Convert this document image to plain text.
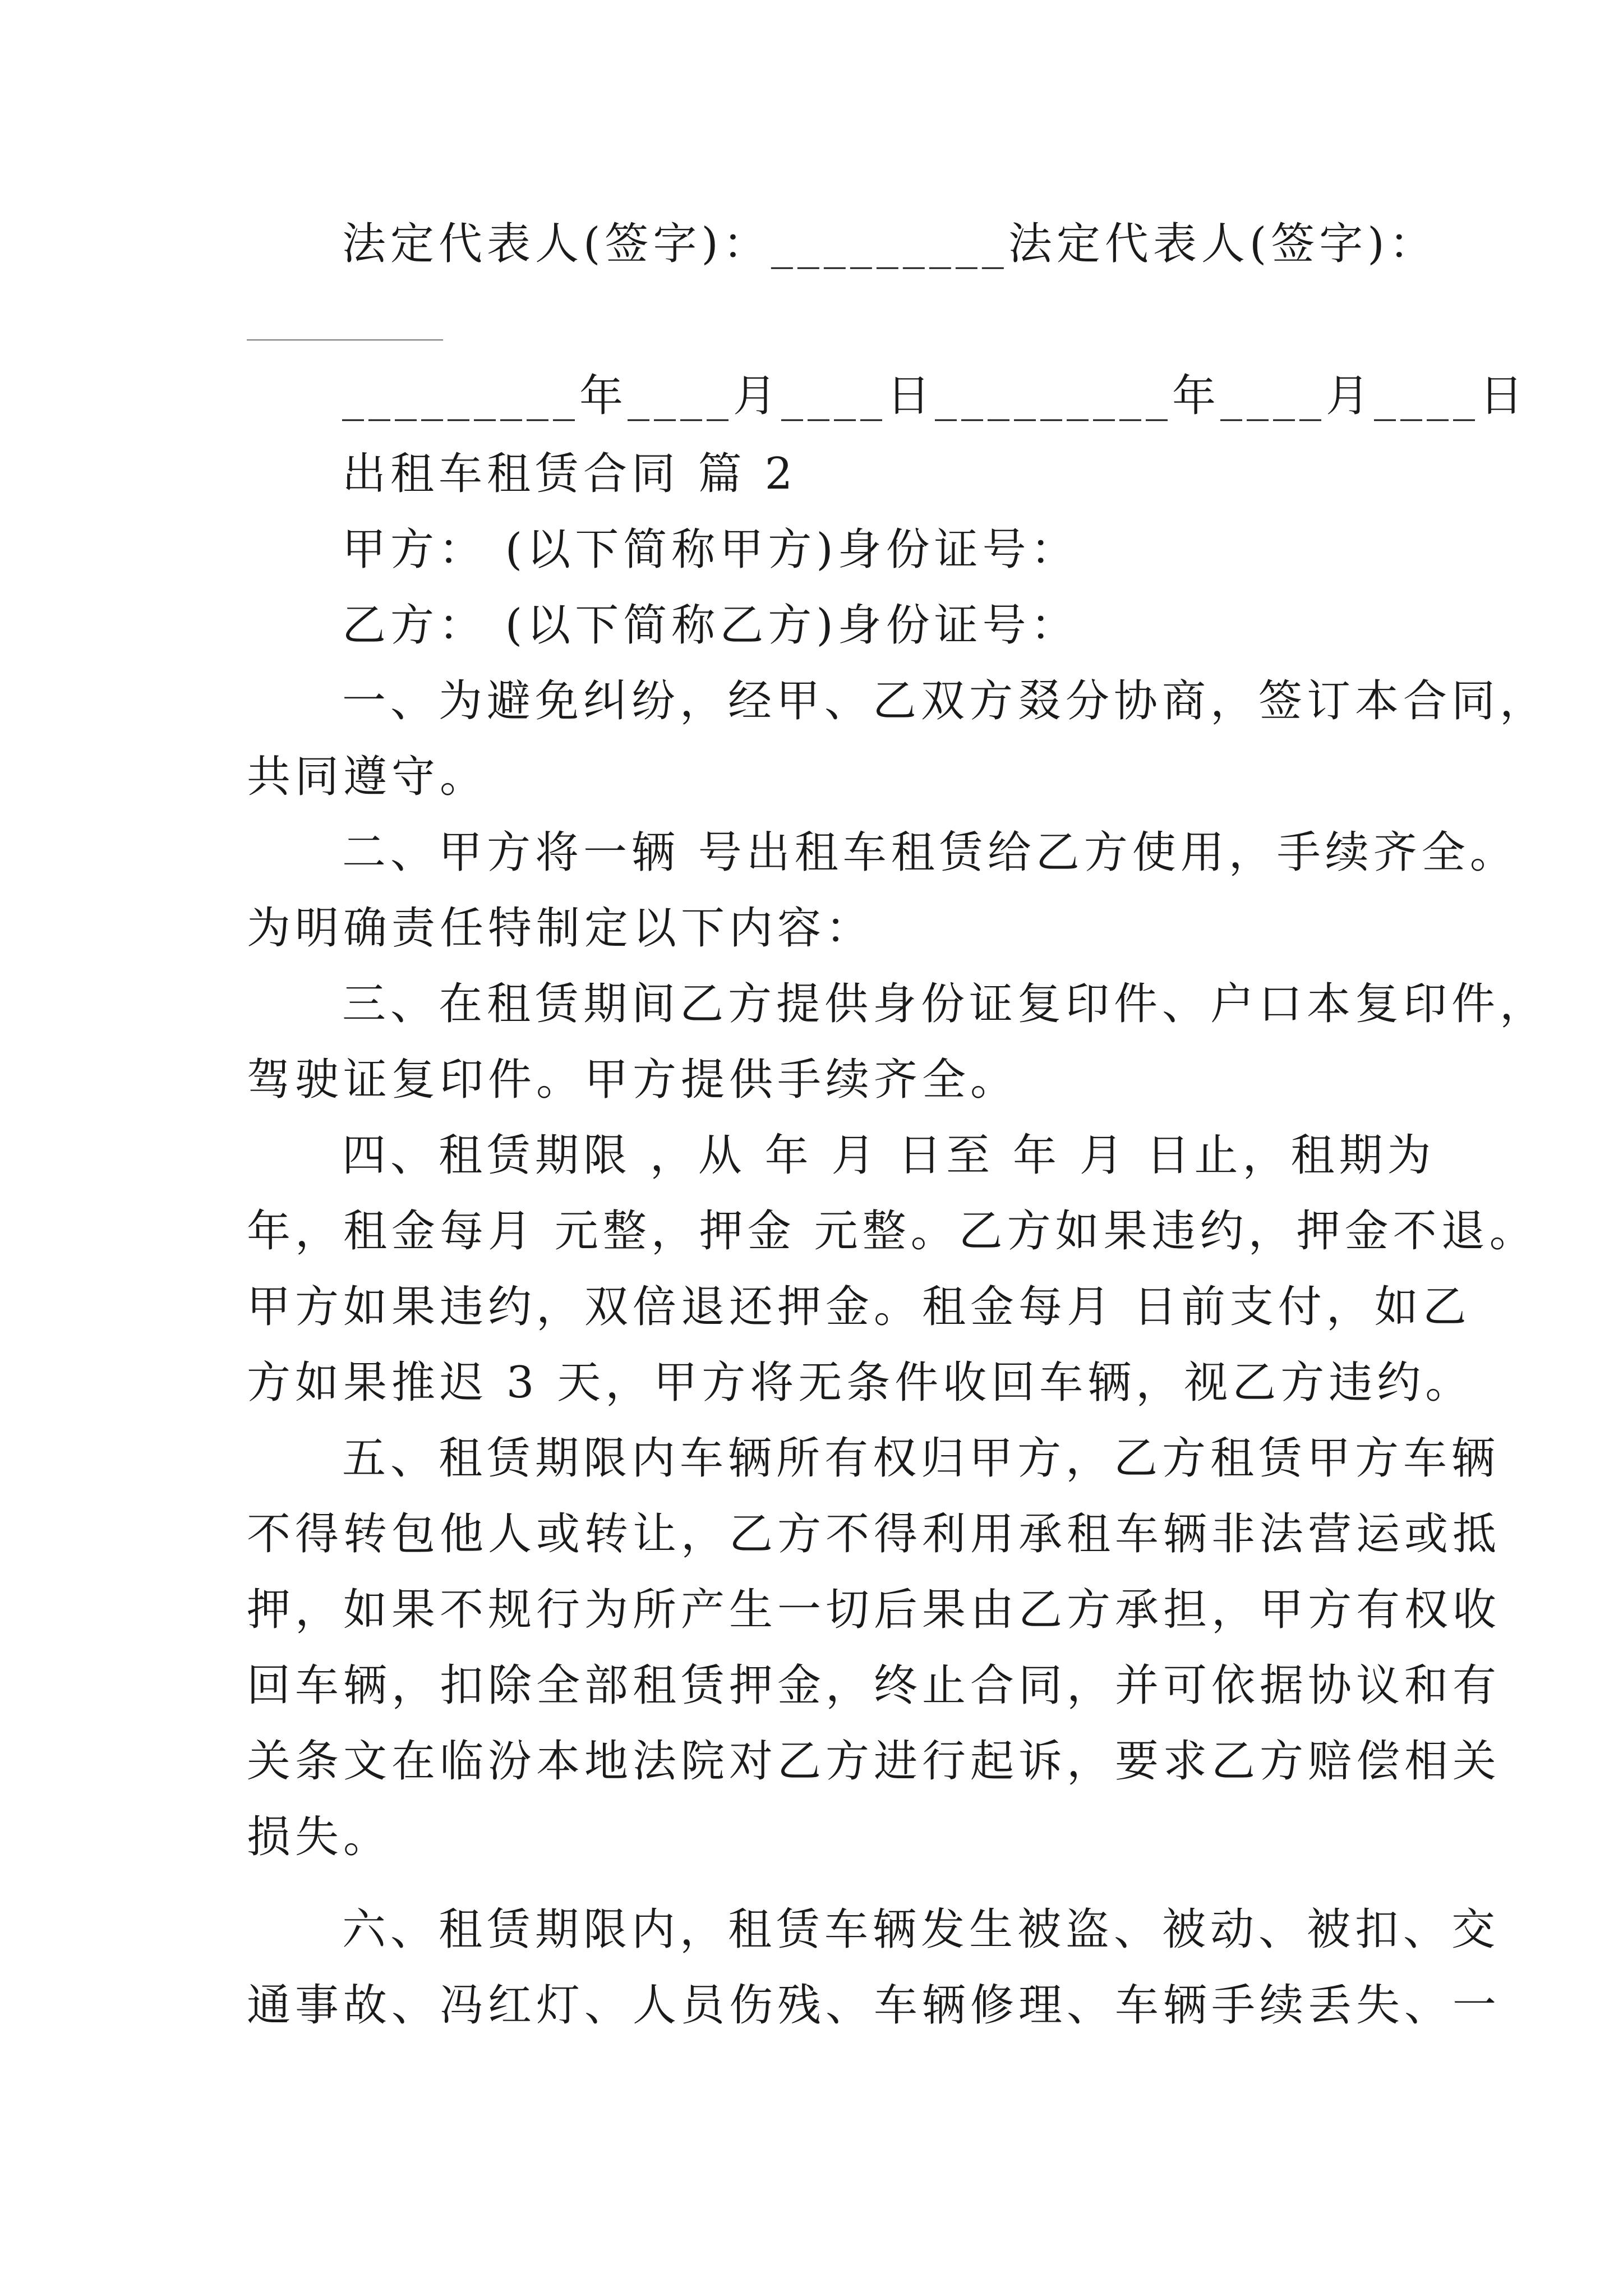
法定代表人(签字)：_________法定代表人(签字)：
_________年____月____日_________年____月____日
出租车租赁合同 篇 2
甲方： (以下简称甲方)身份证号：
乙方： (以下简称乙方)身份证号：
一、为避免纠纷，经甲、乙双方叕分协商，签订本合同，
共同遵守。
二、甲方将一辆 号出租车租赁给乙方使用，手续齐全。
为明确责任特制定以下内容：
三、在租赁期间乙方提供身份证复印件、户口本复印件，
驾驶证复印件。甲方提供手续齐全。
四、租赁期限 ，从 年 月 日至 年 月 日止，租期为
年，租金每月 元整，押金 元整。乙方如果违约，押金不退。
甲方如果违约，双倍退还押金。租金每月 日前支付，如乙
方如果推迟 3 天，甲方将无条件收回车辆，视乙方违约。
五、租赁期限内车辆所有权归甲方，乙方租赁甲方车辆
不得转包他人或转让，乙方不得利用承租车辆非法营运或抵
押，如果不规行为所产生一切后果由乙方承担，甲方有权收
回车辆，扣除全部租赁押金，终止合同，并可依据协议和有
关条文在临汾本地法院对乙方进行起诉，要求乙方赔偿相关
损失。
六、租赁期限内，租赁车辆发生被盗、被动、被扣、交
通事故、冯红灯、人员伤残、车辆修理、车辆手续丢失、一
